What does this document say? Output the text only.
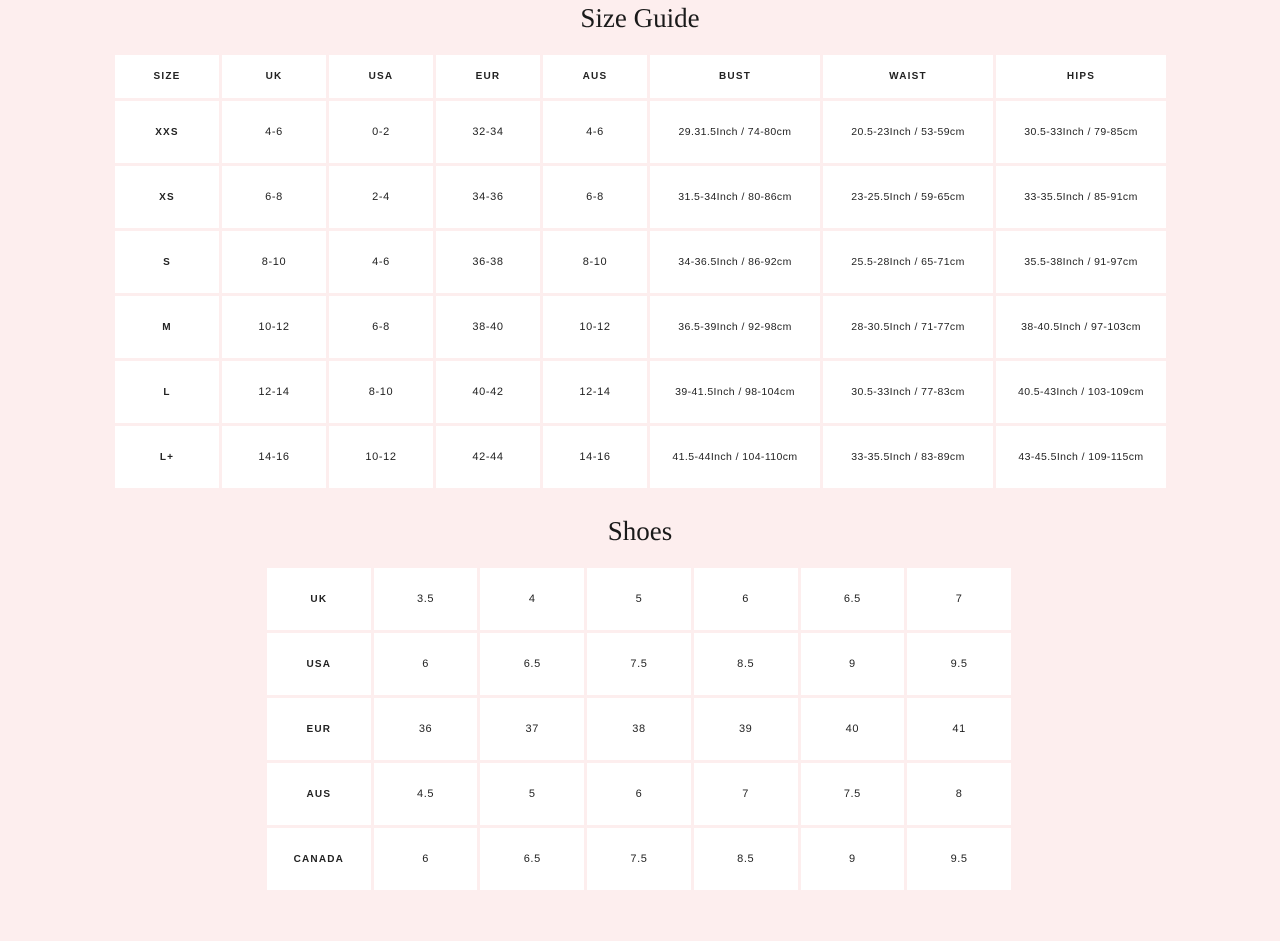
Size Guide
SIZE	UK	USA	EUR	AUS	BUST	WAIST	HIPS
XXS	4-6	0-2	32-34	4-6	29.31.5Inch / 74-80cm	20.5-23Inch / 53-59cm	30.5-33Inch / 79-85cm
XS	6-8	2-4	34-36	6-8	31.5-34Inch / 80-86cm	23-25.5Inch / 59-65cm	33-35.5Inch / 85-91cm
S	8-10	4-6	36-38	8-10	34-36.5Inch / 86-92cm	25.5-28Inch / 65-71cm	35.5-38Inch / 91-97cm
M	10-12	6-8	38-40	10-12	36.5-39Inch / 92-98cm	28-30.5Inch / 71-77cm	38-40.5Inch / 97-103cm
L	12-14	8-10	40-42	12-14	39-41.5Inch / 98-104cm	30.5-33Inch / 77-83cm	40.5-43Inch / 103-109cm
L+	14-16	10-12	42-44	14-16	41.5-44Inch / 104-110cm	33-35.5Inch / 83-89cm	43-45.5Inch / 109-115cm
Shoes
UK	3.5	4	5	6	6.5	7
USA	6	6.5	7.5	8.5	9	9.5
EUR	36	37	38	39	40	41
AUS	4.5	5	6	7	7.5	8
CANADA	6	6.5	7.5	8.5	9	9.5
